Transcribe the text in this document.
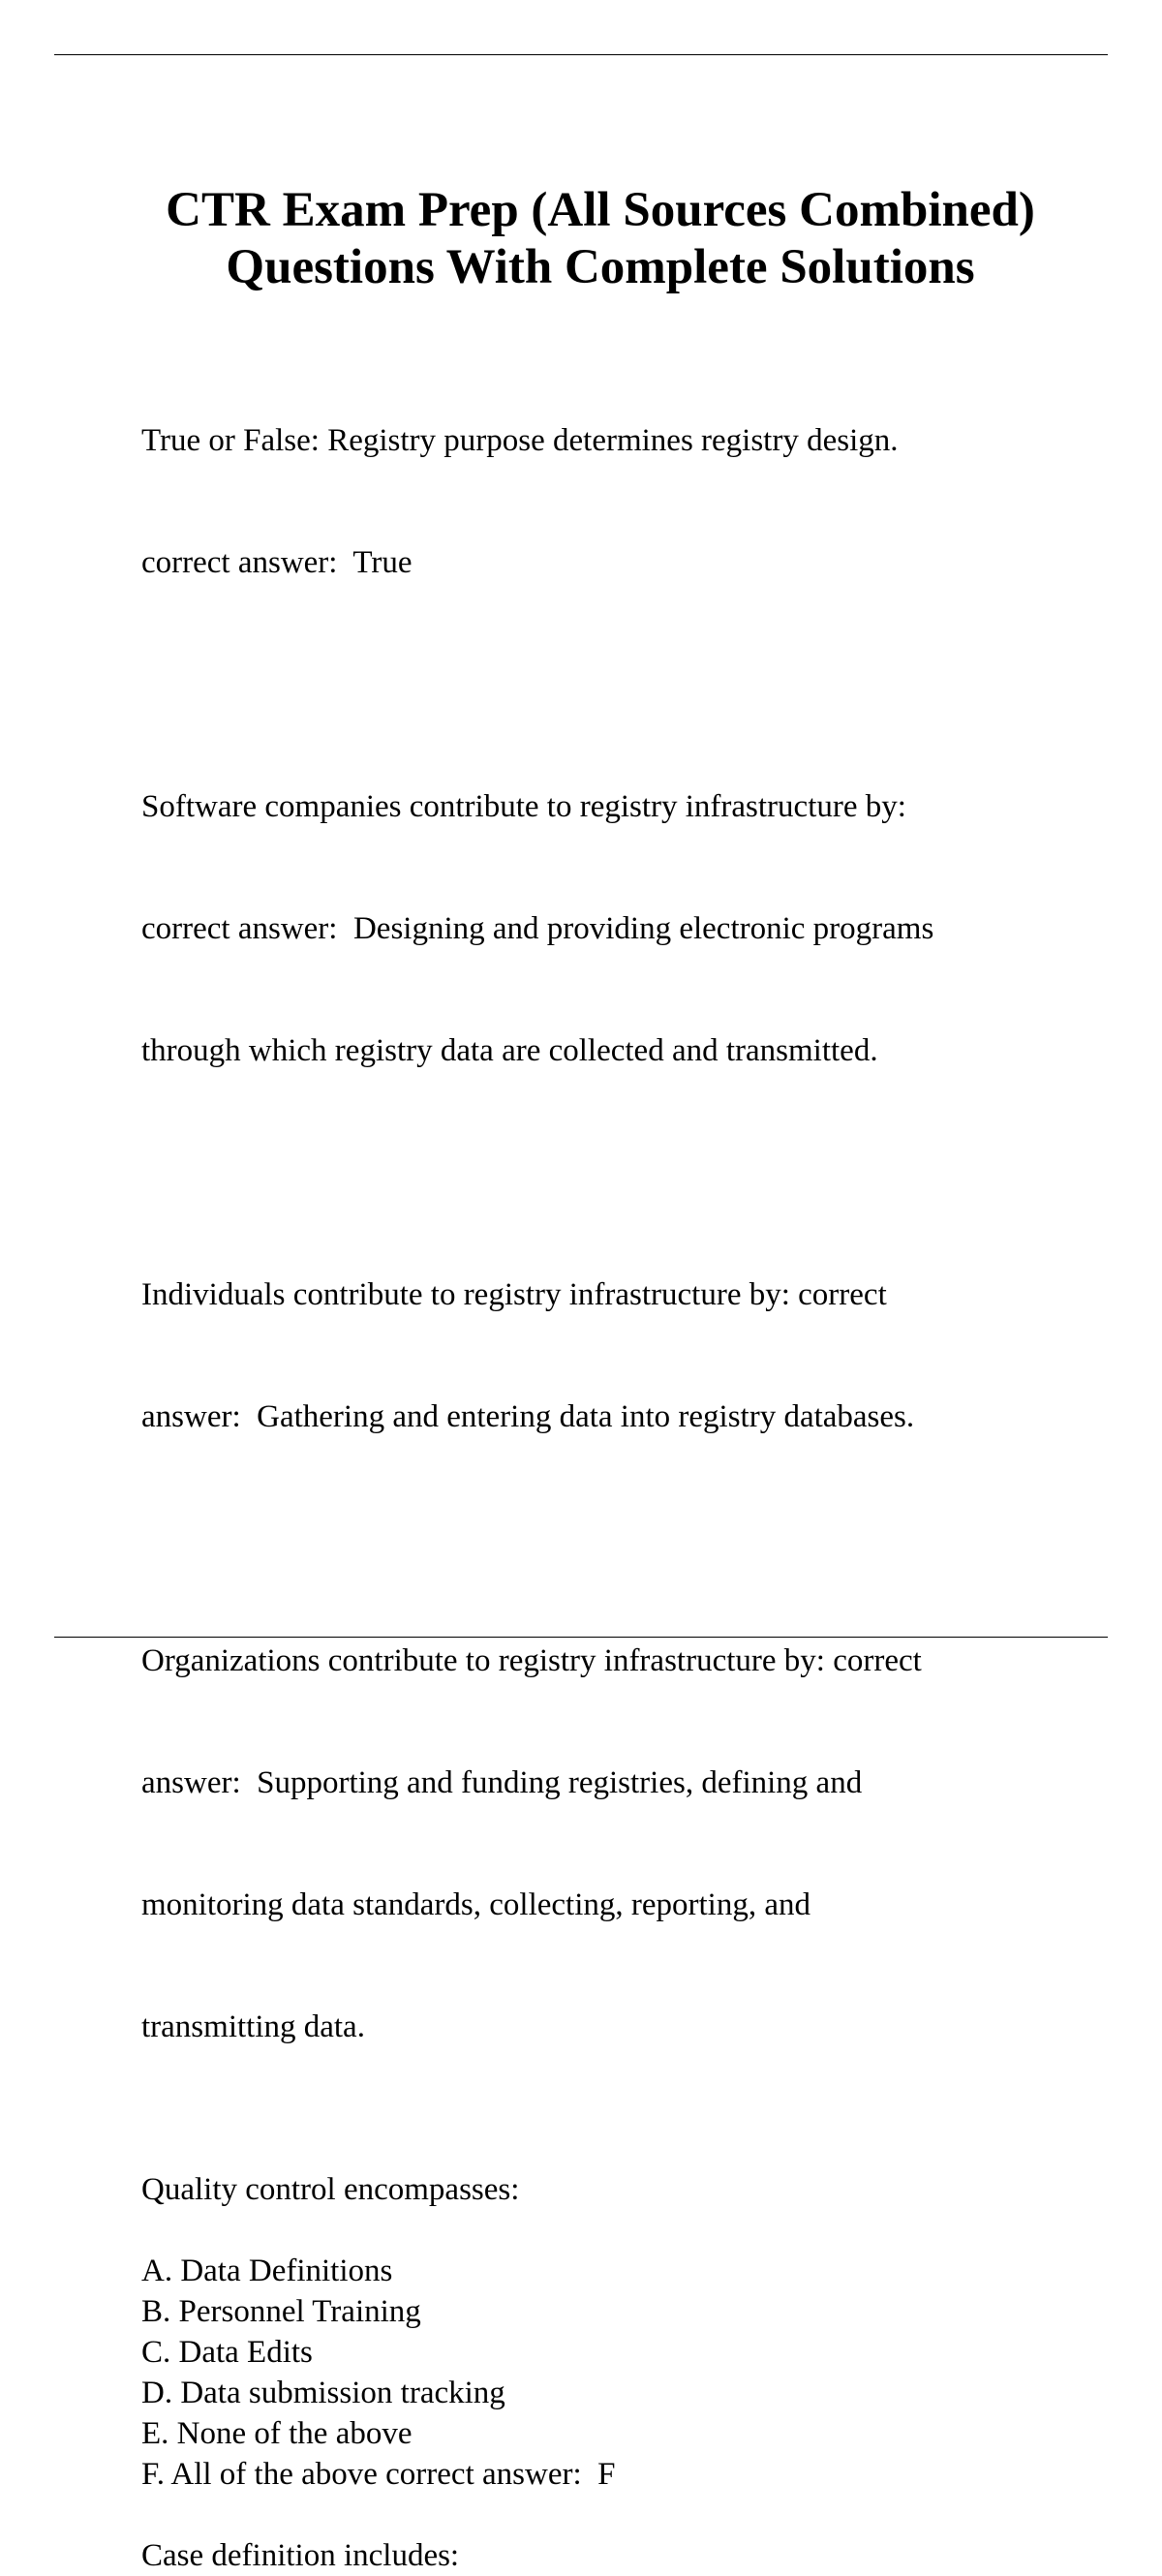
CTR Exam Prep (All Sources Combined)
Questions With Complete Solutions

True or False: Registry purpose determines registry design.

correct answer:  True

Software companies contribute to registry infrastructure by:

correct answer:  Designing and providing electronic programs

through which registry data are collected and transmitted.

Individuals contribute to registry infrastructure by: correct

answer:  Gathering and entering data into registry databases.

Organizations contribute to registry infrastructure by: correct

answer:  Supporting and funding registries, defining and

monitoring data standards, collecting, reporting, and

transmitting data.

Quality control encompasses:

A. Data Definitions
B. Personnel Training
C. Data Edits
D. Data submission tracking
E. None of the above
F. All of the above correct answer:  F

Case definition includes:
